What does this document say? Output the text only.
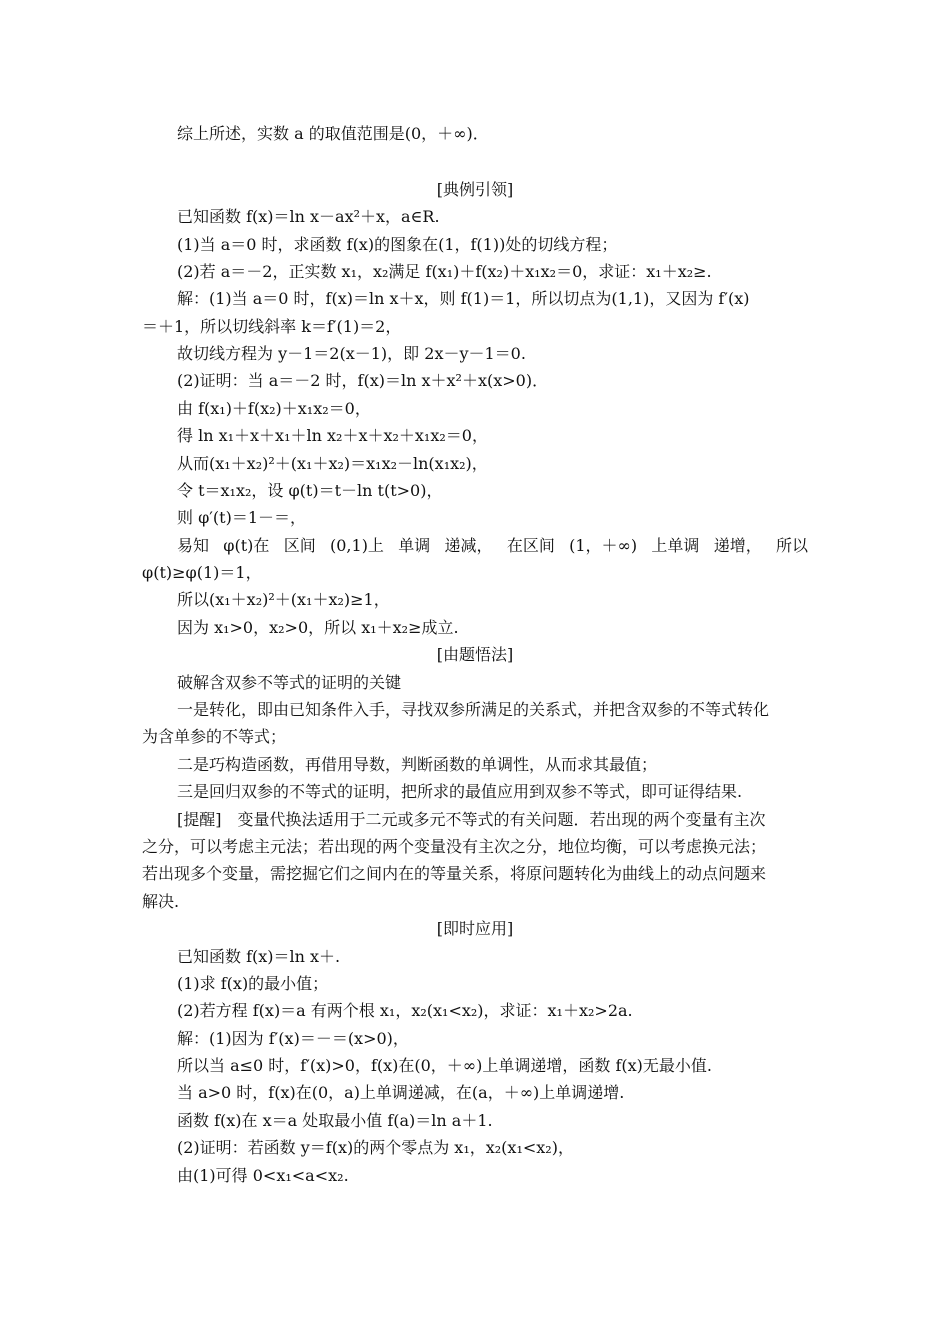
综上所述，实数 a 的取值范围是(0，＋∞)．
[典例引领]
已知函数 f(x)＝ln x－ax²＋x，a∈R.
(1)当 a＝0 时，求函数 f(x)的图象在(1，f(1))处的切线方程；
(2)若 a＝－2，正实数 x₁，x₂满足 f(x₁)＋f(x₂)＋x₁x₂＝0，求证：x₁＋x₂≥.
解：(1)当 a＝0 时，f(x)＝ln x＋x，则 f(1)＝1，所以切点为(1,1)，又因为 f′(x)
＝＋1，所以切线斜率 k＝f′(1)＝2，
故切线方程为 y－1＝2(x－1)，即 2x－y－1＝0.
(2)证明：当 a＝－2 时，f(x)＝ln x＋x²＋x(x>0)．
由 f(x₁)＋f(x₂)＋x₁x₂＝0，
得 ln x₁＋x＋x₁＋ln x₂＋x＋x₂＋x₁x₂＝0，
从而(x₁＋x₂)²＋(x₁＋x₂)＝x₁x₂－ln(x₁x₂)，
令 t＝x₁x₂，设 φ(t)＝t－ln t(t>0)，
则 φ′(t)＝1－＝，
易知 φ(t)在 区间 (0,1)上 单调 递减， 在区间 (1，＋∞) 上单调 递增， 所以
φ(t)≥φ(1)＝1，
所以(x₁＋x₂)²＋(x₁＋x₂)≥1，
因为 x₁>0，x₂>0，所以 x₁＋x₂≥成立.
[由题悟法]
破解含双参不等式的证明的关键
一是转化，即由已知条件入手，寻找双参所满足的关系式，并把含双参的不等式转化
为含单参的不等式；
二是巧构造函数，再借用导数，判断函数的单调性，从而求其最值；
三是回归双参的不等式的证明，把所求的最值应用到双参不等式，即可证得结果.
[提醒]　变量代换法适用于二元或多元不等式的有关问题．若出现的两个变量有主次
之分，可以考虑主元法；若出现的两个变量没有主次之分，地位均衡，可以考虑换元法；
若出现多个变量，需挖掘它们之间内在的等量关系，将原问题转化为曲线上的动点问题来
解决.
[即时应用]
已知函数 f(x)＝ln x＋.
(1)求 f(x)的最小值；
(2)若方程 f(x)＝a 有两个根 x₁，x₂(x₁<x₂)，求证：x₁＋x₂>2a.
解：(1)因为 f′(x)＝－＝(x>0)，
所以当 a≤0 时，f′(x)>0，f(x)在(0，＋∞)上单调递增，函数 f(x)无最小值.
当 a>0 时，f(x)在(0，a)上单调递减，在(a，＋∞)上单调递增.
函数 f(x)在 x＝a 处取最小值 f(a)＝ln a＋1.
(2)证明：若函数 y＝f(x)的两个零点为 x₁，x₂(x₁<x₂)，
由(1)可得 0<x₁<a<x₂.
